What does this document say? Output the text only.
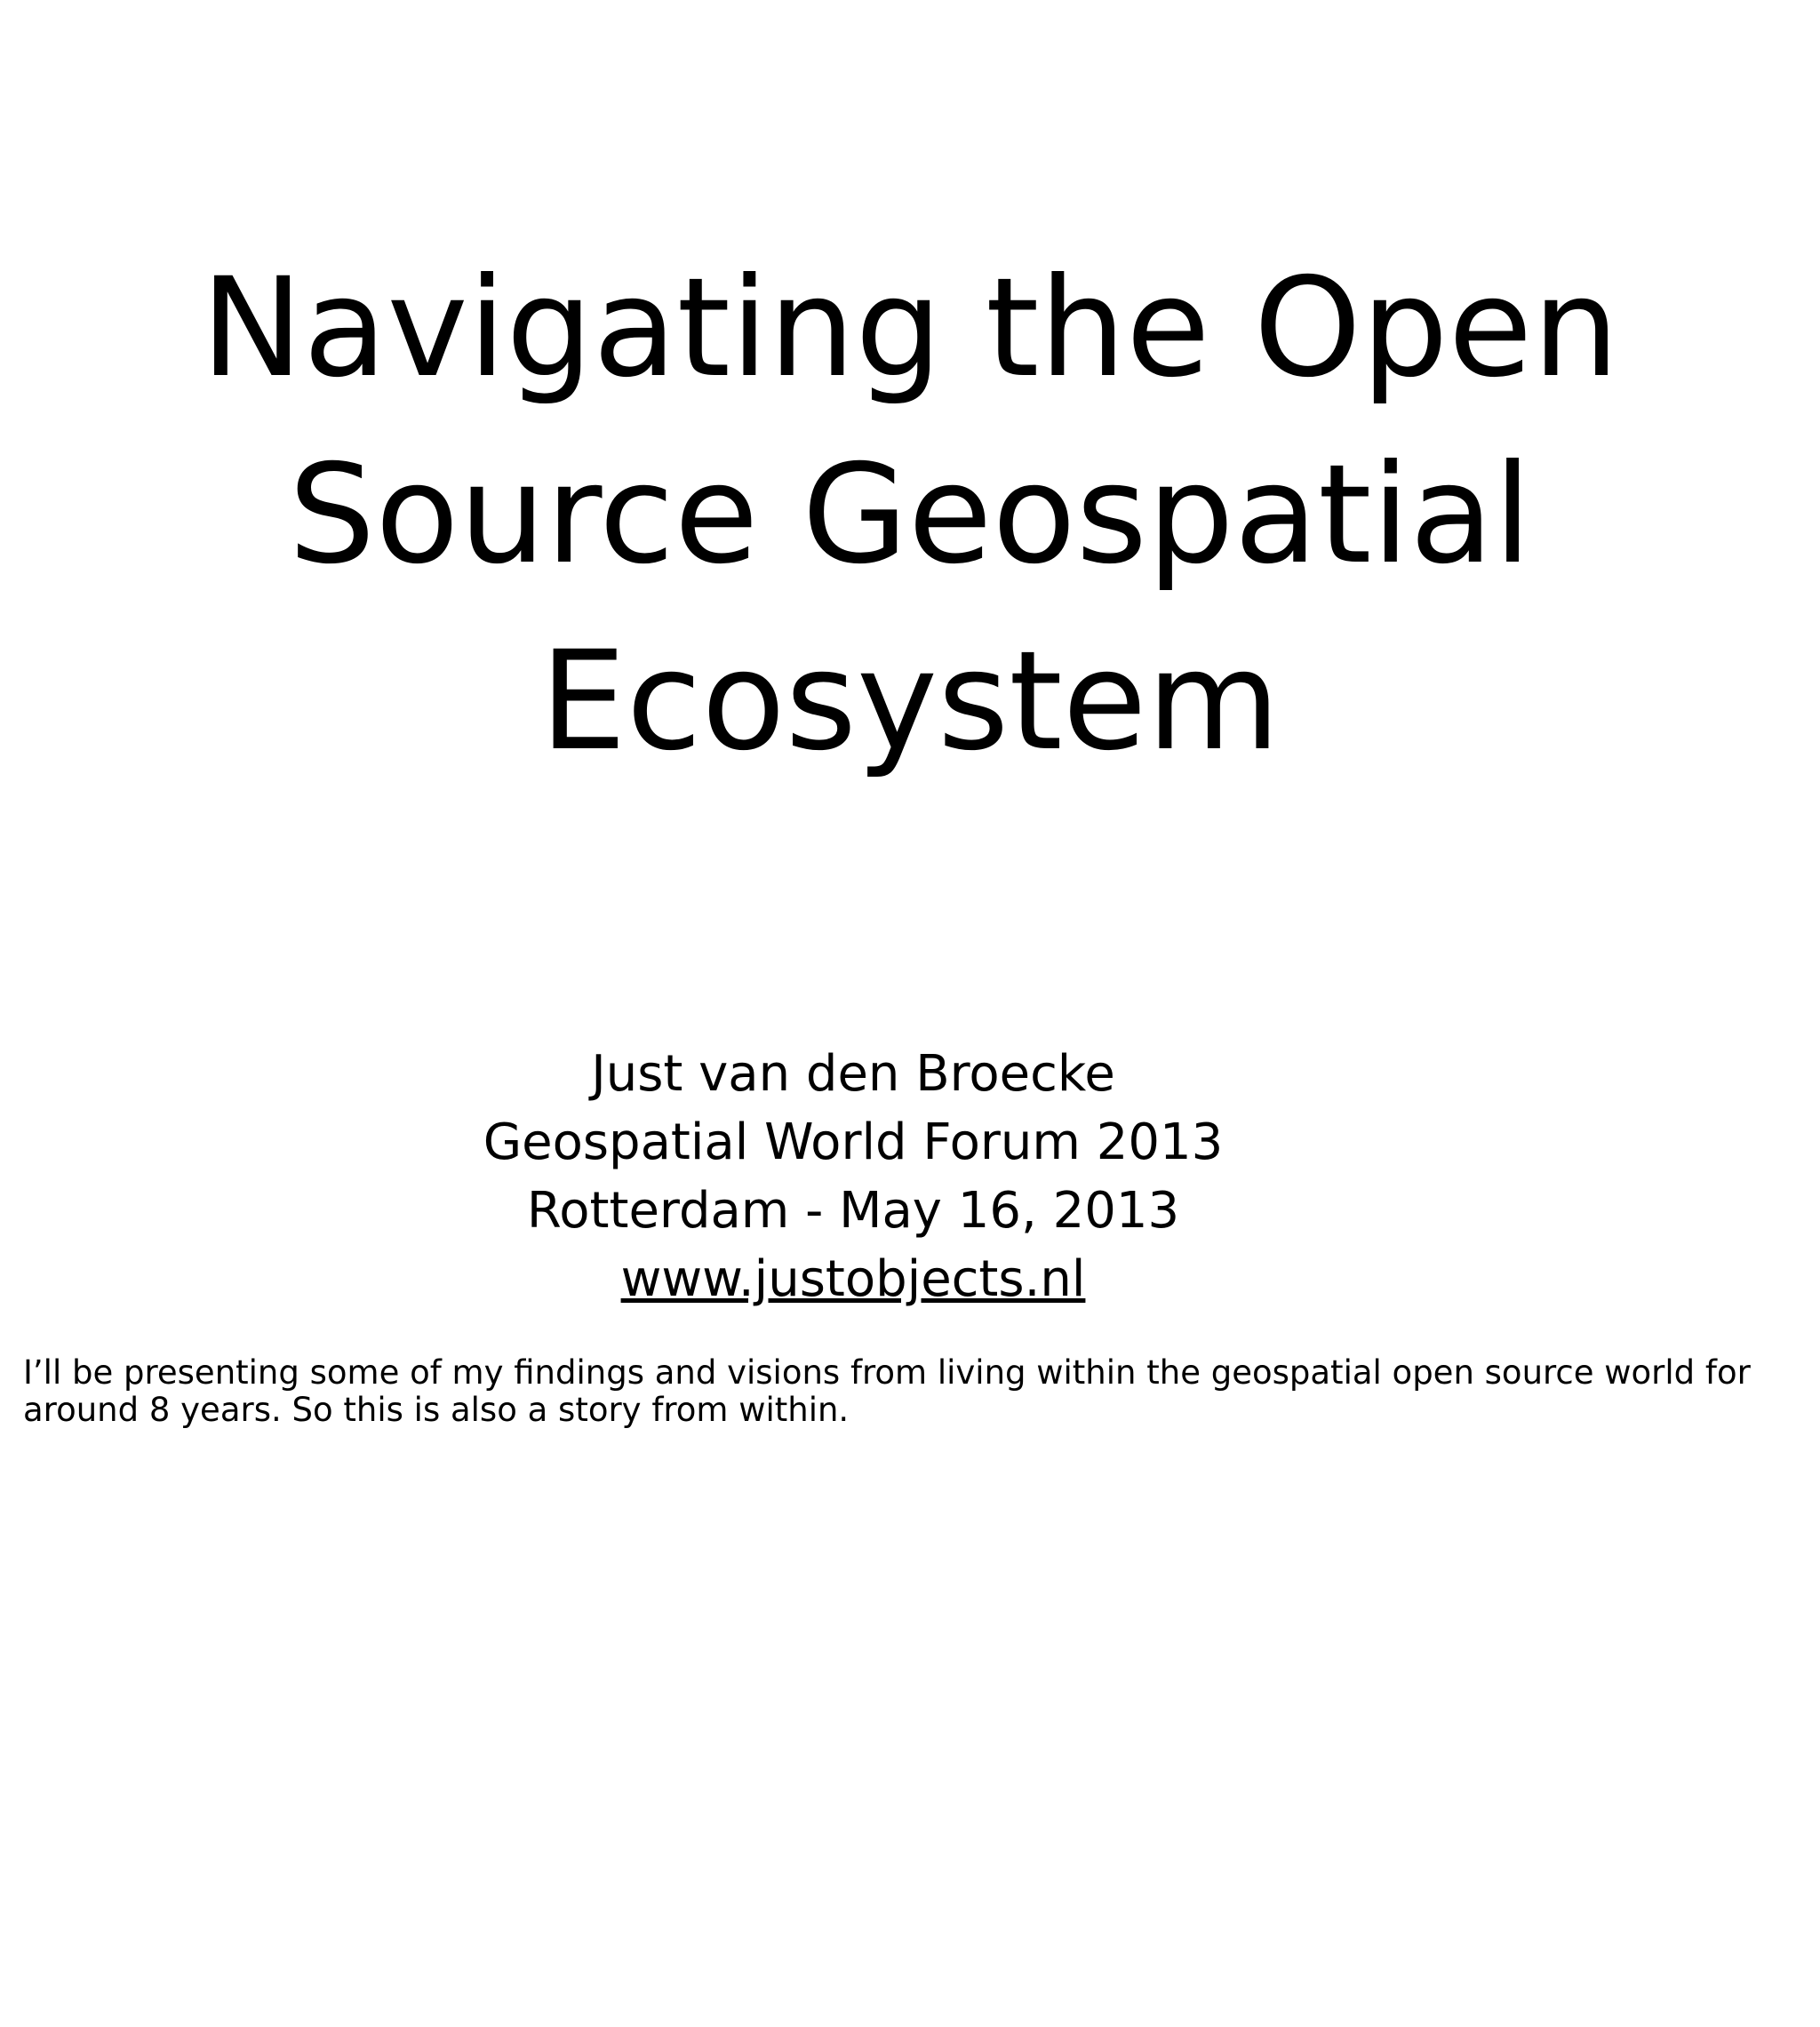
Navigating the Open
Source Geospatial
Ecosystem
Just van den Broecke
Geospatial World Forum 2013
Rotterdam - May 16, 2013
www.justobjects.nl
I’ll be presenting some of my findings and visions from living within the geospatial open source world for around 8 years. So this is also a story from within.
